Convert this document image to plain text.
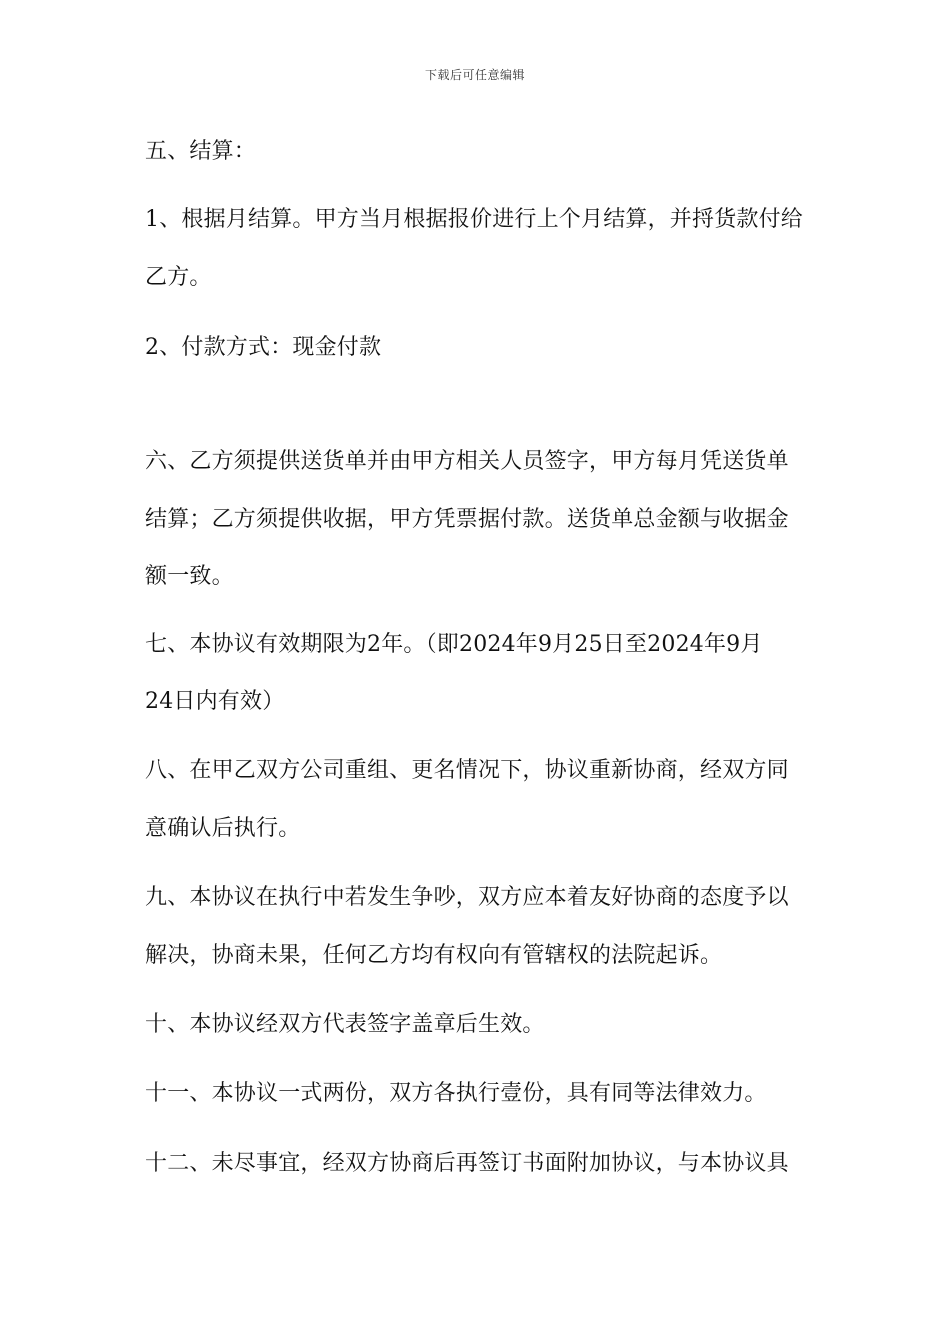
下载后可任意编辑
五、结算：
1、根据月结算。甲方当月根据报价进行上个月结算，并捋货款付给
乙方。
2、付款方式：现金付款
六、乙方须提供送货单并由甲方相关人员签字，甲方每月凭送货单
结算；乙方须提供收据，甲方凭票据付款。送货单总金额与收据金
额一致。
七、本协议有效期限为2年。（即2024年9月25日至2024年9月
24日内有效）
八、在甲乙双方公司重组、更名情况下，协议重新协商，经双方同
意确认后执行。
九、本协议在执行中若发生争吵，双方应本着友好协商的态度予以
解决，协商未果，任何乙方均有权向有管辖权的法院起诉。
十、本协议经双方代表签字盖章后生效。
十一、本协议一式两份，双方各执行壹份，具有同等法律效力。
十二、未尽事宜，经双方协商后再签订书面附加协议，与本协议具
